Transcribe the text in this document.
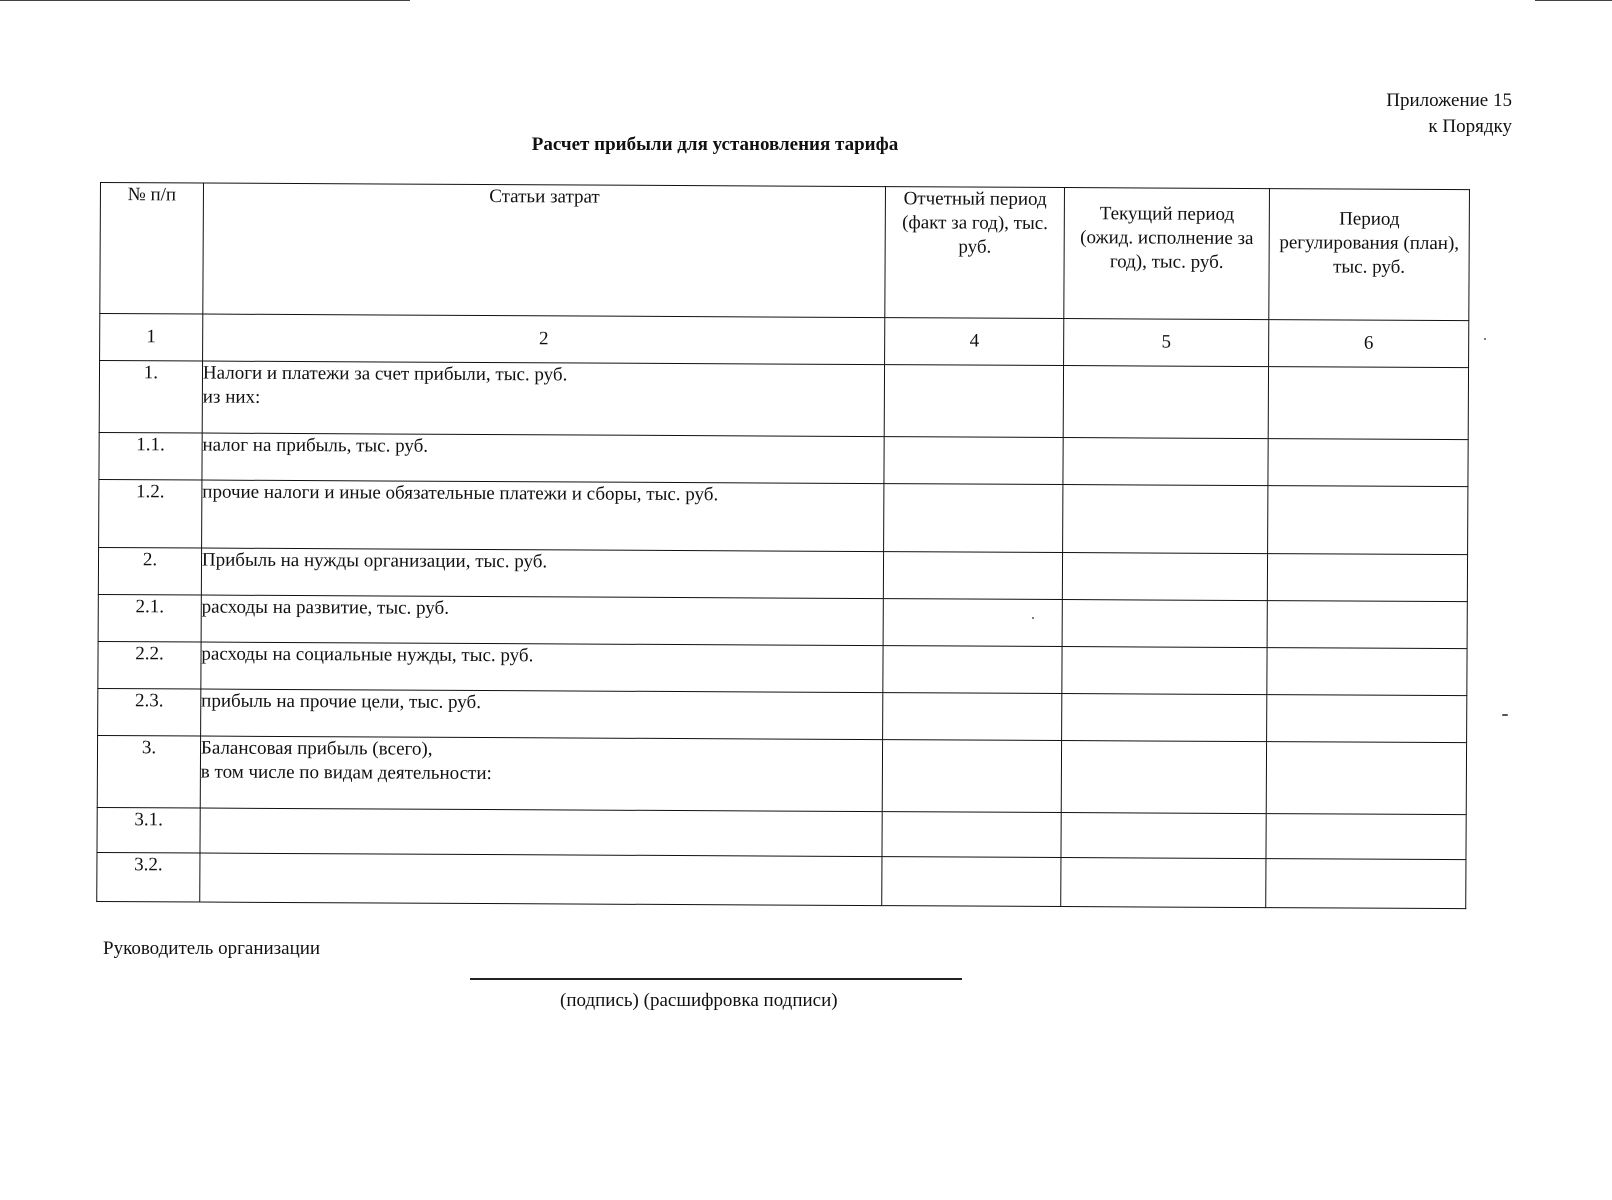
Приложение 15
к Порядку
Расчет прибыли для установления тарифа
№ п/п	Статьи затрат	Отчетный период (факт за год), тыс. руб.	Текущий период (ожид. исполнение за год), тыс. руб.	Период регулирования (план), тыс. руб.

1	2	4	5	6
1.	Налоги и платежи за счет прибыли, тыс. руб.
из них:			

1.1.	налог на прибыль, тыс. руб.			

1.2.	прочие налоги и иные обязательные платежи и сборы, тыс. руб.			

2.	Прибыль на нужды организации, тыс. руб.			

2.1.	расходы на развитие, тыс. руб.			

2.2.	расходы на социальные нужды, тыс. руб.			

2.3.	прибыль на прочие цели, тыс. руб.			

3.	Балансовая прибыль (всего),
в том числе по видам деятельности:			

3.1.				
3.2.				
Руководитель организации
(подпись) (расшифровка подписи)
